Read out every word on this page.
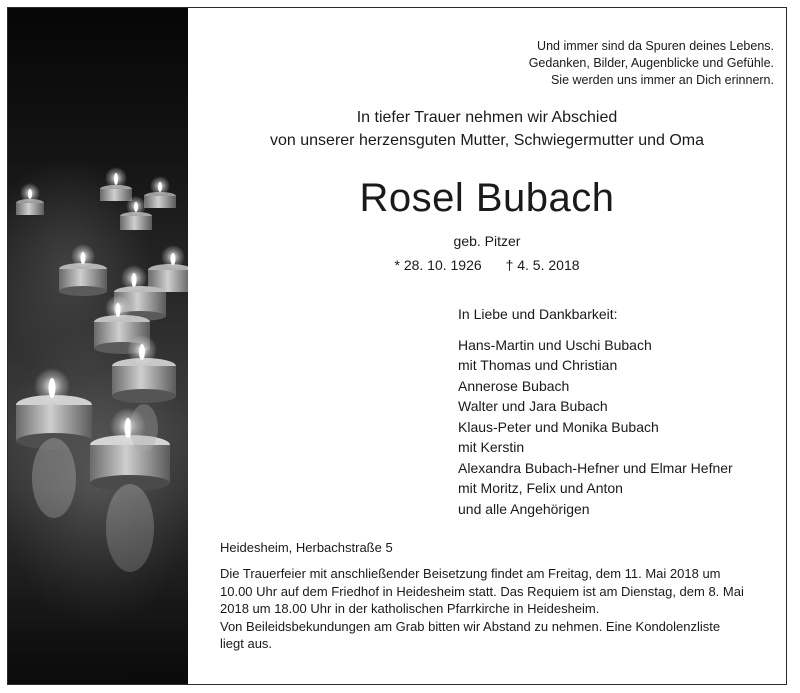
Und immer sind da Spuren deines Lebens.
Gedanken, Bilder, Augenblicke und Gefühle.
Sie werden uns immer an Dich erinnern.
In tiefer Trauer nehmen wir Abschied
von unserer herzensguten Mutter, Schwiegermutter und Oma
Rosel Bubach
geb. Pitzer
* 28. 10. 1926 † 4. 5. 2018
In Liebe und Dankbarkeit:
Hans-Martin und Uschi Bubach
mit Thomas und Christian
Annerose Bubach
Walter und Jara Bubach
Klaus-Peter und Monika Bubach
mit Kerstin
Alexandra Bubach-Hefner und Elmar Hefner
mit Moritz, Felix und Anton
und alle Angehörigen
Heidesheim, Herbachstraße 5
Die Trauerfeier mit anschließender Beisetzung findet am Freitag, dem 11. Mai 2018 um
10.00 Uhr auf dem Friedhof in Heidesheim statt. Das Requiem ist am Dienstag, dem 8. Mai
2018 um 18.00 Uhr in der katholischen Pfarrkirche in Heidesheim.
Von Beileidsbekundungen am Grab bitten wir Abstand zu nehmen. Eine Kondolenzliste
liegt aus.
